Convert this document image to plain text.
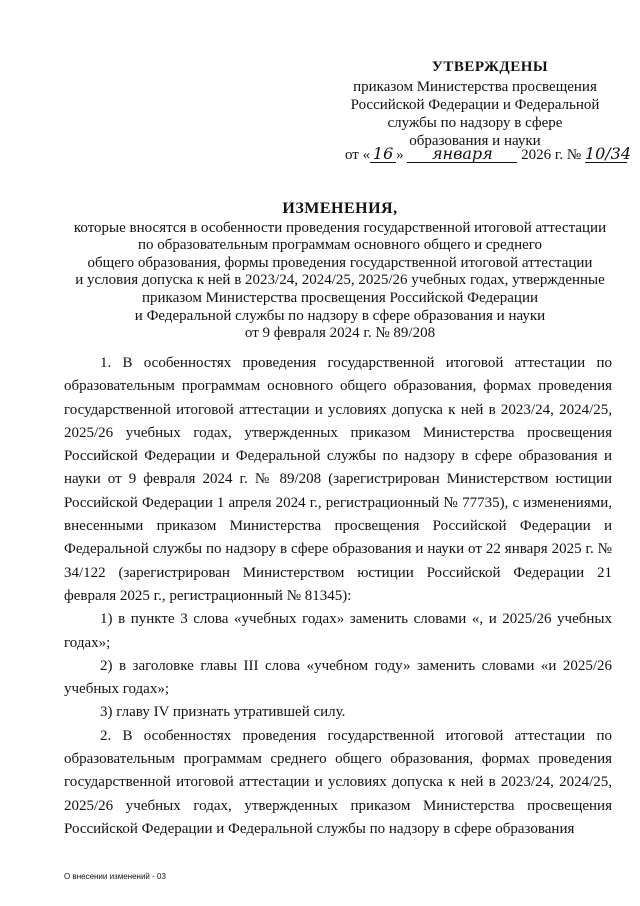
УТВЕРЖДЕНЫ
приказом Министерства просвещения
Российской Федерации и Федеральной
службы по надзору в сфере
образования и науки
от « 16 » января 2026 г. № 10/34
ИЗМЕНЕНИЯ,
которые вносятся в особенности проведения государственной итоговой аттестации
по образовательным программам основного общего и среднего
общего образования, формы проведения государственной итоговой аттестации
и условия допуска к ней в 2023/24, 2024/25, 2025/26 учебных годах, утвержденные
приказом Министерства просвещения Российской Федерации
и Федеральной службы по надзору в сфере образования и науки
от 9 февраля 2024 г. № 89/208

1. В особенностях проведения государственной итоговой аттестации по образовательным программам основного общего образования, формах проведения государственной итоговой аттестации и условиях допуска к ней в 2023/24, 2024/25, 2025/26 учебных годах, утвержденных приказом Министерства просвещения Российской Федерации и Федеральной службы по надзору в сфере образования и науки от 9 февраля 2024 г. № 89/208 (зарегистрирован Министерством юстиции Российской Федерации 1 апреля 2024 г., регистрационный № 77735), с изменениями, внесенными приказом Министерства просвещения Российской Федерации и Федеральной службы по надзору в сфере образования и науки от 22 января 2025 г. № 34/122 (зарегистрирован Министерством юстиции Российской Федерации 21 февраля 2025 г., регистрационный № 81345):

1) в пункте 3 слова «учебных годах» заменить словами «, и 2025/26 учебных годах»;

2) в заголовке главы III слова «учебном году» заменить словами «и 2025/26 учебных годах»;

3) главу IV признать утратившей силу.

2. В особенностях проведения государственной итоговой аттестации по образовательным программам среднего общего образования, формах проведения государственной итоговой аттестации и условиях допуска к ней в 2023/24, 2024/25, 2025/26 учебных годах, утвержденных приказом Министерства просвещения Российской Федерации и Федеральной службы по надзору в сфере образования

О внесении изменений - 03
